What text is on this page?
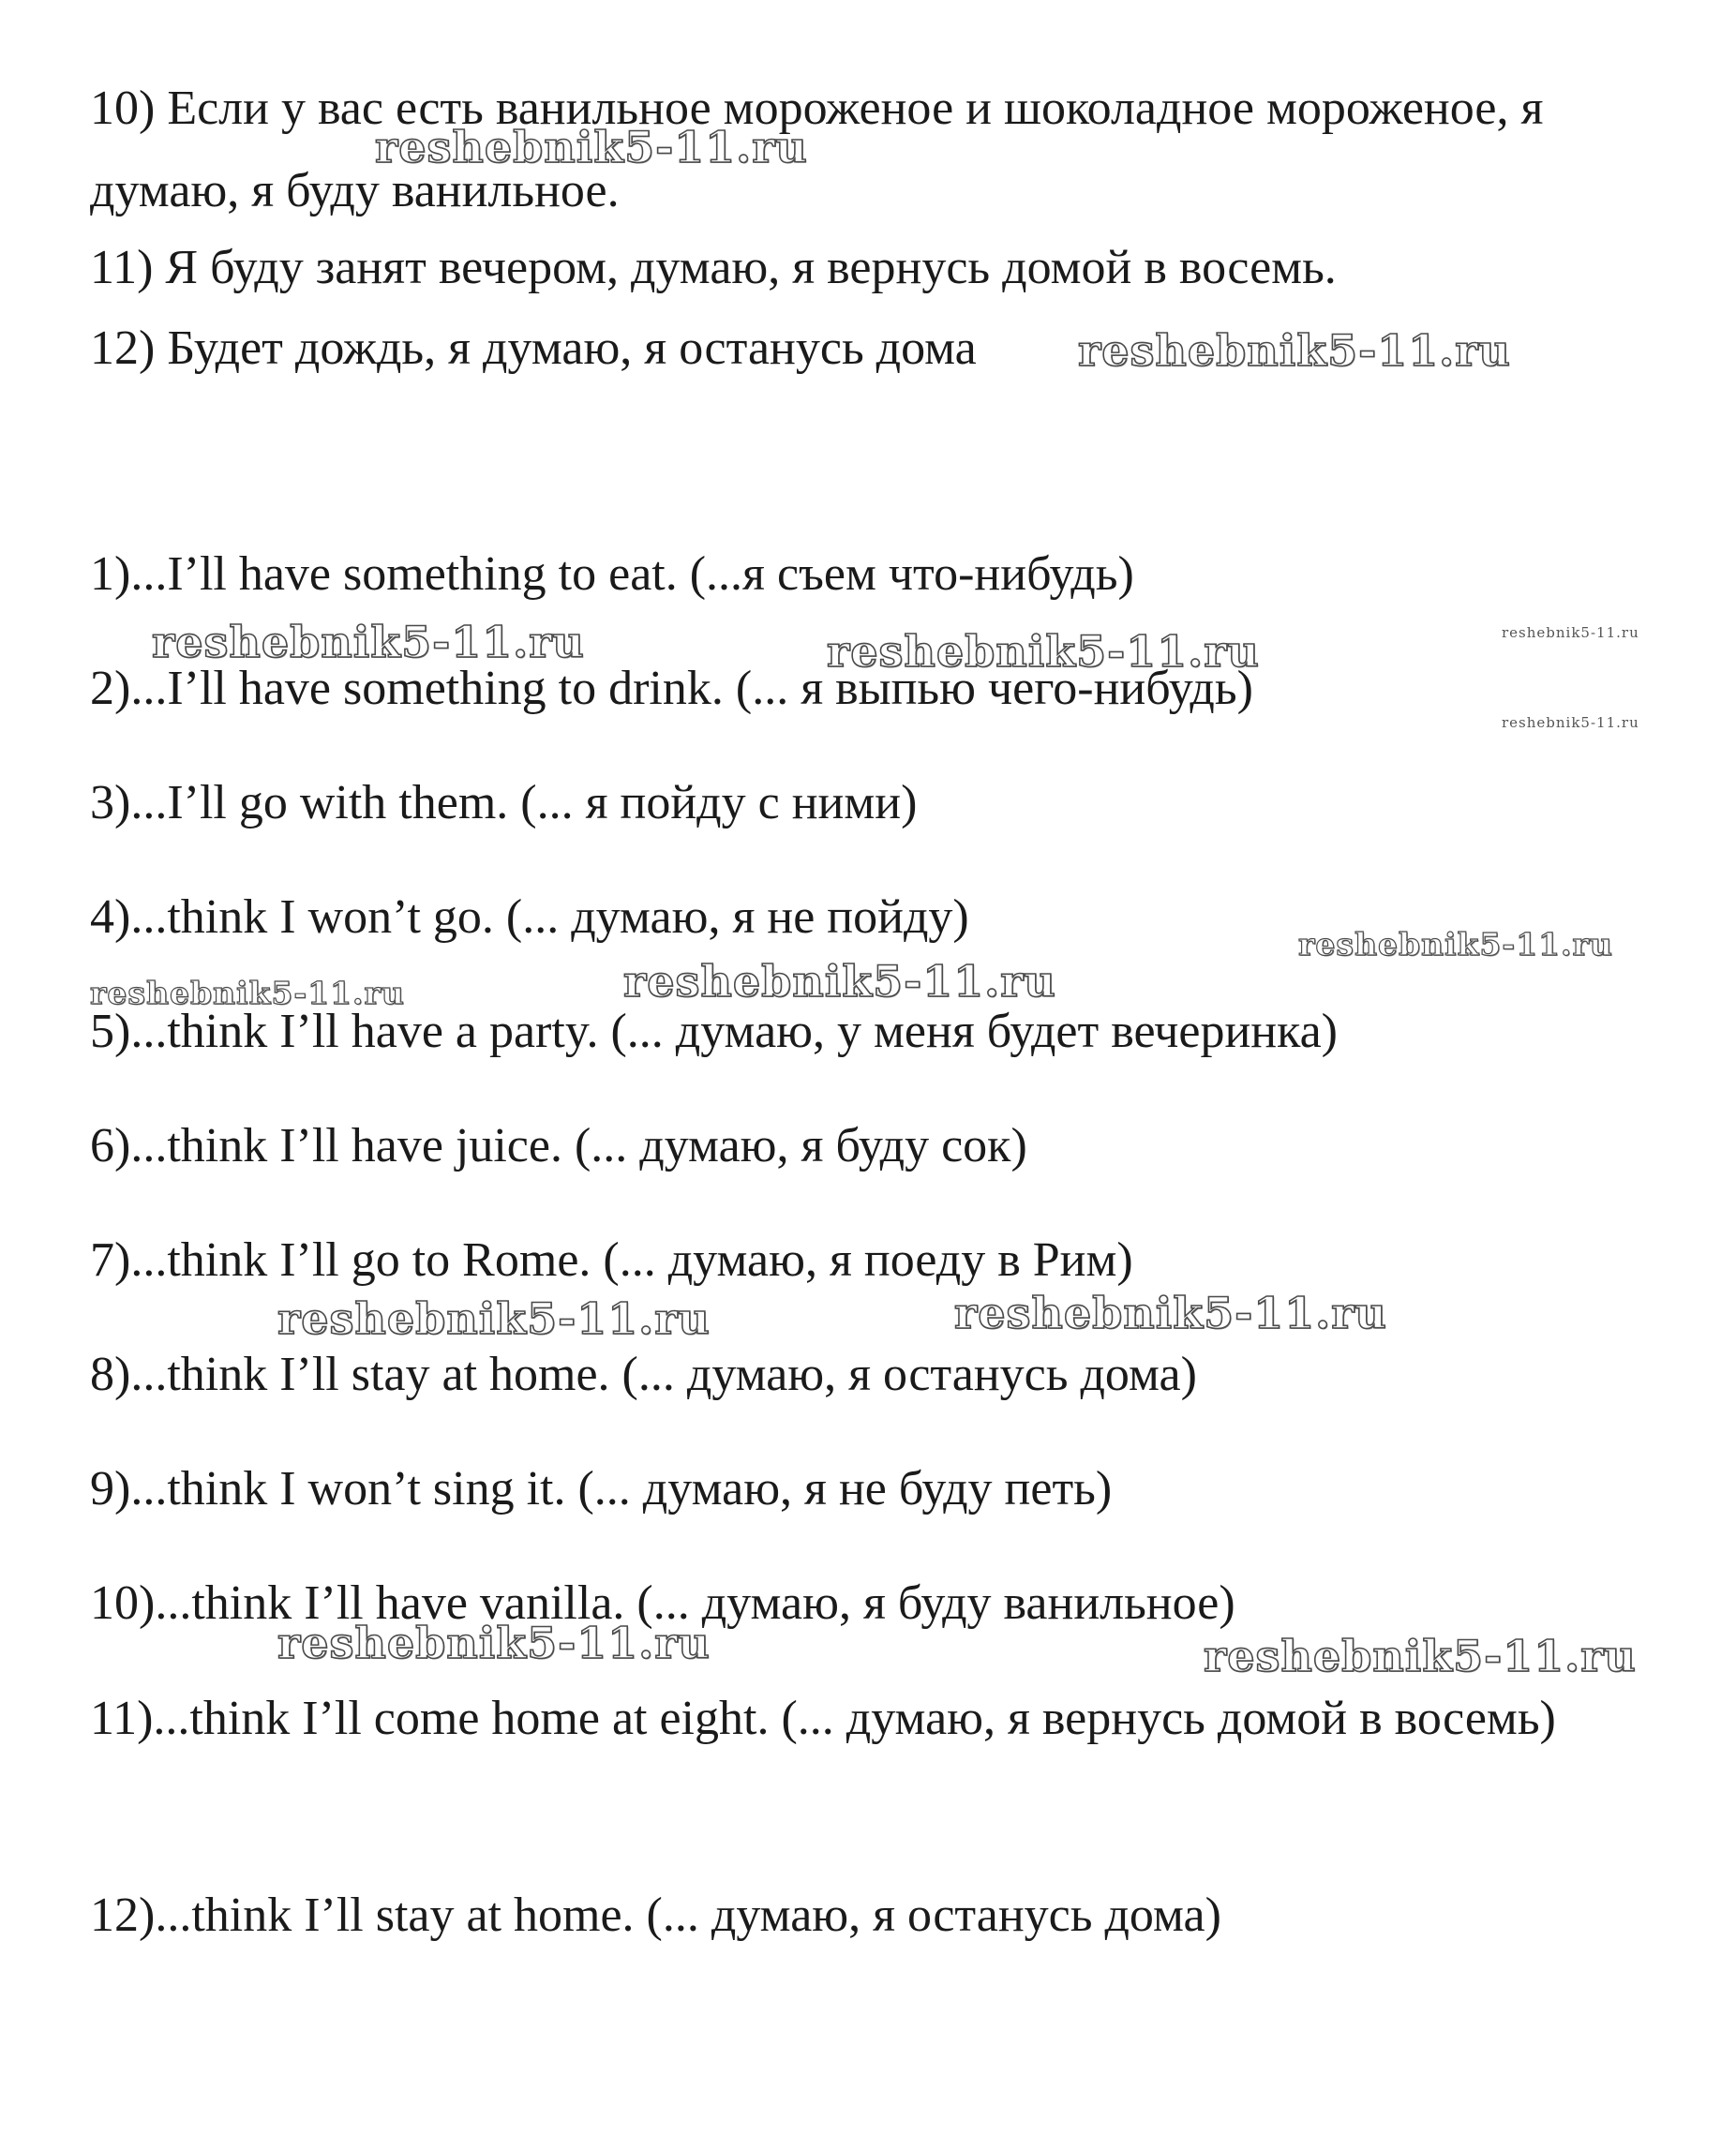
10) Если у вас есть ванильное мороженое и шоколадное мороженое, я думаю, я буду ванильное.

11) Я буду занят вечером, думаю, я вернусь домой в восемь.

12) Будет дождь, я думаю, я останусь дома

1)...I’ll have something to eat. (...я съем что-нибудь)

2)...I’ll have something to drink. (... я выпью чего-нибудь)

3)...I’ll go with them. (... я пойду с ними)

4)...think I won’t go. (... думаю, я не пойду)

5)...think I’ll have a party. (... думаю, у меня будет вечеринка)

6)...think I’ll have juice. (... думаю, я буду сок)

7)...think I’ll go to Rome. (... думаю, я поеду в Рим)

8)...think I’ll stay at home. (... думаю, я останусь дома)

9)...think I won’t sing it. (... думаю, я не буду петь)

10)...think I’ll have vanilla. (... думаю, я буду ванильное)

11)...think I’ll come home at eight. (... думаю, я вернусь домой в восемь)

12)...think I’ll stay at home. (... думаю, я останусь дома)

reshebnik5-11.ru
reshebnik5-11.ru
reshebnik5-11.ru	reshebnik5-11.ru	reshebnik5-11.ru
reshebnik5-11.ru
reshebnik5-11.ru
reshebnik5-11.ru
reshebnik5-11.ru
reshebnik5-11.ru	reshebnik5-11.ru
reshebnik5-11.ru	reshebnik5-11.ru
